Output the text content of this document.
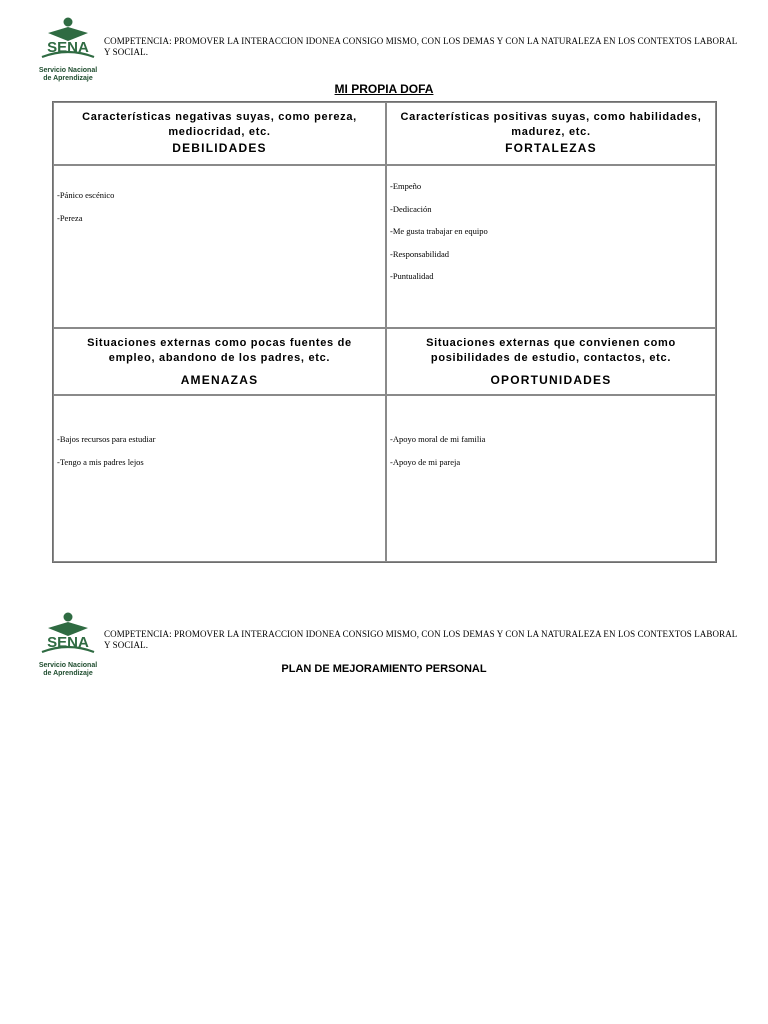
SENA
Servicio Nacional de Aprendizaje
COMPETENCIA: PROMOVER LA INTERACCION IDONEA CONSIGO MISMO, CON LOS DEMAS Y CON LA NATURALEZA EN LOS CONTEXTOS LABORAL Y SOCIAL.
MI PROPIA DOFA
Características negativas suyas, como pereza, mediocridad, etc.
DEBILIDADES
Características positivas suyas, como habilidades, madurez, etc.
FORTALEZAS
-Pánico escénico
-Pereza
-Empeño
-Dedicación
-Me gusta trabajar en equipo
-Responsabilidad
-Puntualidad
Situaciones externas como pocas fuentes de empleo, abandono de los padres, etc.
AMENAZAS
Situaciones externas que convienen como posibilidades de estudio, contactos, etc.
OPORTUNIDADES
-Bajos recursos para estudiar
-Tengo a mis padres lejos
-Apoyo moral de mi familia
-Apoyo de mi pareja
SENA
Servicio Nacional de Aprendizaje
COMPETENCIA: PROMOVER LA INTERACCION IDONEA CONSIGO MISMO, CON LOS DEMAS Y CON LA NATURALEZA EN LOS CONTEXTOS LABORAL Y SOCIAL.
PLAN DE MEJORAMIENTO PERSONAL
